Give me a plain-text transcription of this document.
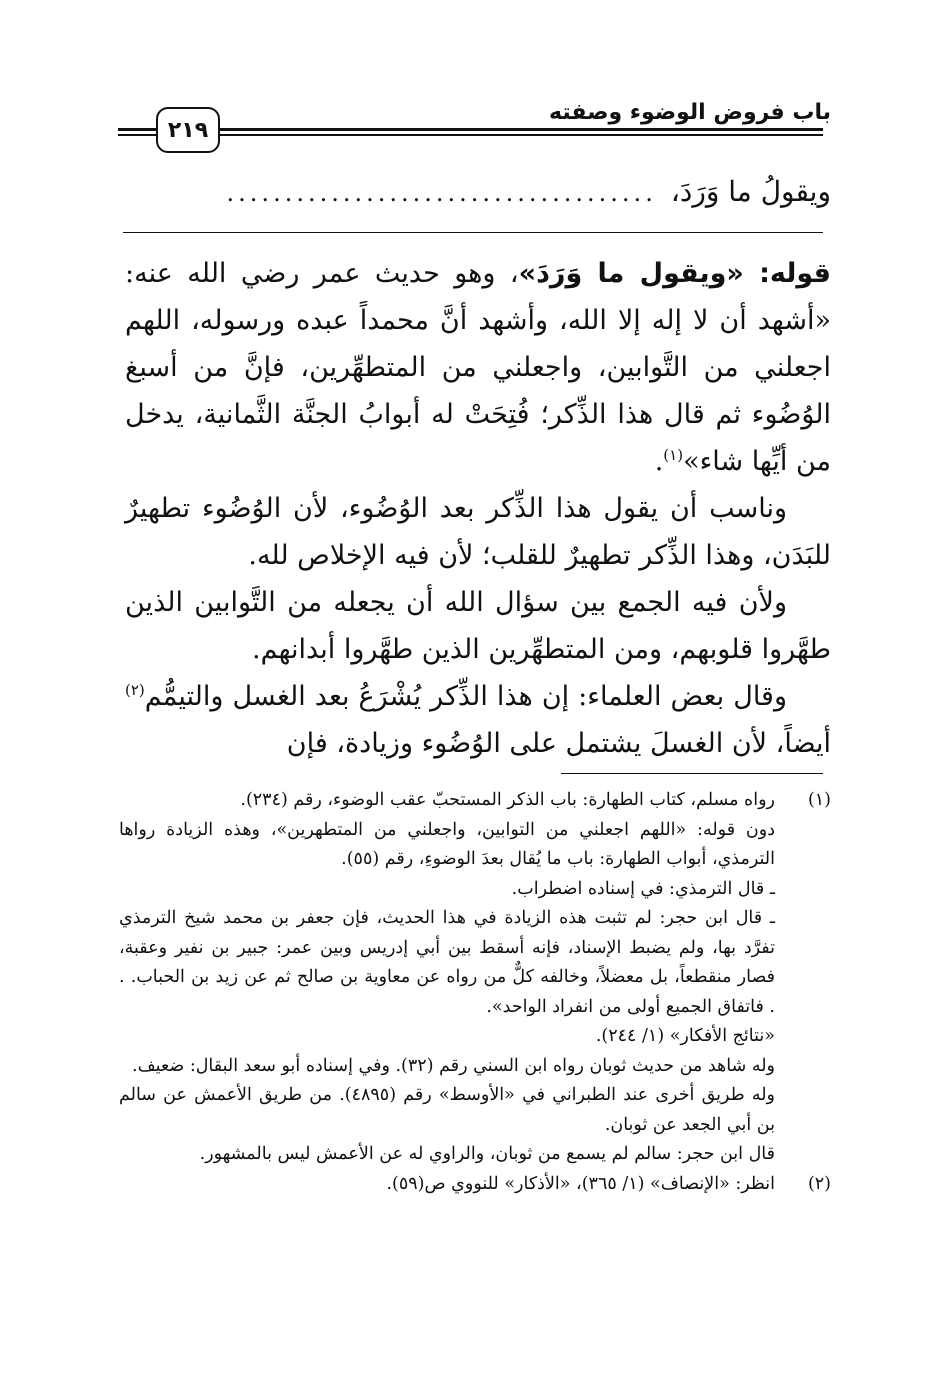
باب فروض الوضوء وصفته
٢١٩
ويقولُ ما وَرَدَ،
.....................................

قوله: «ويقول ما وَرَدَ»، وهو حديث عمر رضي الله عنه: «أشهد أن لا إله إلا الله، وأشهد أنَّ محمداً عبده ورسوله، اللهم اجعلني من التَّوابين، واجعلني من المتطهِّرين، فإنَّ من أسبغ الوُضُوء ثم قال هذا الذِّكر؛ فُتِحَتْ له أبوابُ الجنَّة الثَّمانية، يدخل من أيِّها شاء»$^{(١)}$.

وناسب أن يقول هذا الذِّكر بعد الوُضُوء، لأن الوُضُوء تطهيرٌ للبَدَن، وهذا الذِّكر تطهيرٌ للقلب؛ لأن فيه الإخلاص لله.

ولأن فيه الجمع بين سؤال الله أن يجعله من التَّوابين الذين طهَّروا قلوبهم، ومن المتطهِّرين الذين طهَّروا أبدانهم.

وقال بعض العلماء: إن هذا الذِّكر يُشْرَعُ بعد الغسل والتيمُّم$^{(٢)}$ أيضاً، لأن الغسلَ يشتمل على الوُضُوء وزيادة، فإن

(١)
رواه مسلم، كتاب الطهارة: باب الذكر المستحبّ عقب الوضوء، رقم (٢٣٤).
دون قوله: «اللهم اجعلني من التوابين، واجعلني من المتطهرين»، وهذه الزيادة رواها الترمذي، أبواب الطهارة: باب ما يُقال بعدَ الوضوءِ، رقم (٥٥).
ـ قال الترمذي: في إسناده اضطراب.
ـ قال ابن حجر: لم تثبت هذه الزيادة في هذا الحديث، فإن جعفر بن محمد شيخ الترمذي تفرَّد بها، ولم يضبط الإسناد، فإنه أسقط بين أبي إدريس وبين عمر: جبير بن نفير وعقبة، فصار منقطعاً، بل معضلاً، وخالفه كلٌّ من رواه عن معاوية بن صالح ثم عن زيد بن الحباب. . . فاتفاق الجميع أولى من انفراد الواحد».
«نتائج الأفكار» (١/ ٢٤٤).
وله شاهد من حديث ثوبان رواه ابن السني رقم (٣٢). وفي إسناده أبو سعد البقال: ضعيف.
وله طريق أخرى عند الطبراني في «الأوسط» رقم (٤٨٩٥). من طريق الأعمش عن سالم بن أبي الجعد عن ثوبان.
قال ابن حجر: سالم لم يسمع من ثوبان، والراوي له عن الأعمش ليس بالمشهور.
(٢)
انظر: «الإنصاف» (١/ ٣٦٥)، «الأذكار» للنووي ص(٥٩).
